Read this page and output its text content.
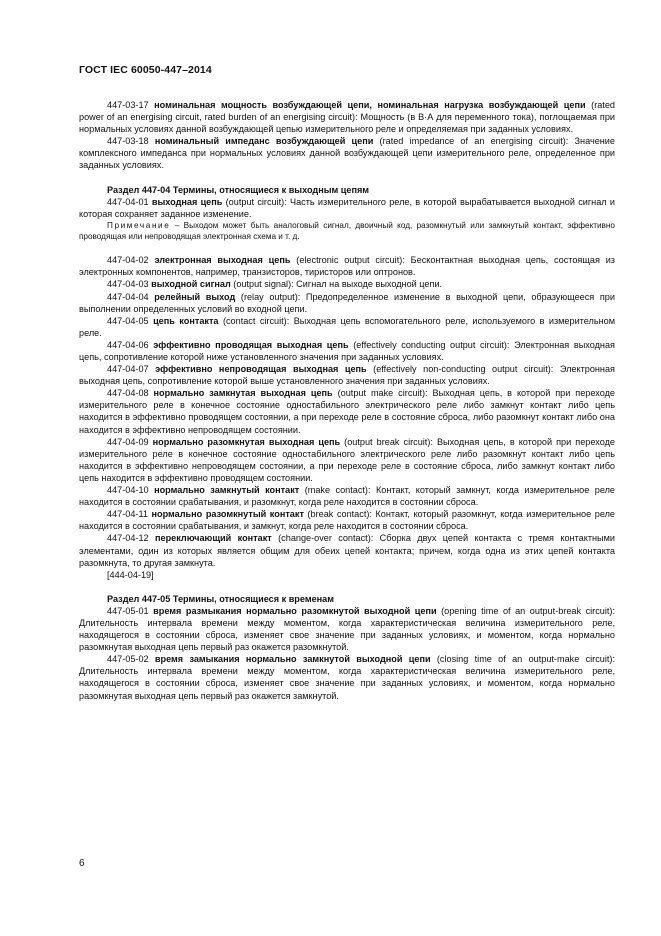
ГОСТ IEC 60050-447–2014

447-03-17 номинальная мощность возбуждающей цепи, номинальная нагрузка возбуждающей цепи (rated power of an energising circuit, rated burden of an energising circuit): Мощность (в В·А для переменного тока), поглощаемая при нормальных условиях данной возбуждающей цепью измерительного реле и определяемая при заданных условиях.

447-03-18 номинальный импеданс возбуждающей цепи (rated impedance of an energising circuit): Значение комплексного импеданса при нормальных условиях данной возбуждающей цепи измерительного реле, определенное при заданных условиях.

Раздел 447-04 Термины, относящиеся к выходным цепям

447-04-01 выходная цепь (output circuit): Часть измерительного реле, в которой вырабатывается выходной сигнал и которая сохраняет заданное изменение.

Примечание – Выходом может быть аналоговый сигнал, двоичный код, разомкнутый или замкнутый контакт, эффективно проводящая или непроводящая электронная схема и т. д.

447-04-02 электронная выходная цепь (electronic output circuit): Бесконтактная выходная цепь, состоящая из электронных компонентов, например, транзисторов, тиристоров или оптронов.

447-04-03 выходной сигнал (output signal): Сигнал на выходе выходной цепи.

447-04-04 релейный выход (relay output): Предопределенное изменение в выходной цепи, образующееся при выполнении определенных условий во входной цепи.

447-04-05 цепь контакта (contact circuit): Выходная цепь вспомогательного реле, используемого в измерительном реле.

447-04-06 эффективно проводящая выходная цепь (effectively conducting output circuit): Электронная выходная цепь, сопротивление которой ниже установленного значения при заданных условиях.

447-04-07 эффективно непроводящая выходная цепь (effectively non-conducting output circuit): Электронная выходная цепь, сопротивление которой выше установленного значения при заданных условиях.

447-04-08 нормально замкнутая выходная цепь (output make circuit): Выходная цепь, в которой при переходе измерительного реле в конечное состояние одностабильного электрического реле либо замкнут контакт либо цепь находится в эффективно проводящем состоянии, а при переходе реле в состояние сброса, либо разомкнут контакт либо она находится в эффективно непроводящем состоянии.

447-04-09 нормально разомкнутая выходная цепь (output break circuit): Выходная цепь, в которой при переходе измерительного реле в конечное состояние одностабильного электрического реле либо разомкнут контакт либо цепь находится в эффективно непроводящем состоянии, а при переходе реле в состояние сброса, либо замкнут контакт либо цепь находится в эффективно проводящем состоянии.

447-04-10 нормально замкнутый контакт (make contact): Контакт, который замкнут, когда измерительное реле находится в состоянии срабатывания, и разомкнут, когда реле находится в состоянии сброса.

447-04-11 нормально разомкнутый контакт (break contact): Контакт, который разомкнут, когда измерительное реле находится в состоянии срабатывания, и замкнут, когда реле находится в состоянии сброса.

447-04-12 переключающий контакт (change-over contact): Сборка двух цепей контакта с тремя контактными элементами, один из которых является общим для обеих цепей контакта; причем, когда одна из этих цепей контакта разомкнута, то другая замкнута.

[444-04-19]

Раздел 447-05 Термины, относящиеся к временам

447-05-01 время размыкания нормально разомкнутой выходной цепи (opening time of an output-break circuit): Длительность интервала времени между моментом, когда характеристическая величина измерительного реле, находящегося в состоянии сброса, изменяет свое значение при заданных условиях, и моментом, когда нормально разомкнутая выходная цепь первый раз окажется разомкнутой.

447-05-02 время замыкания нормально замкнутой выходной цепи (closing time of an output-make circuit): Длительность интервала времени между моментом, когда характеристическая величина измерительного реле, находящегося в состоянии сброса, изменяет свое значение при заданных условиях, и моментом, когда нормально разомкнутая выходная цепь первый раз окажется замкнутой.

6
